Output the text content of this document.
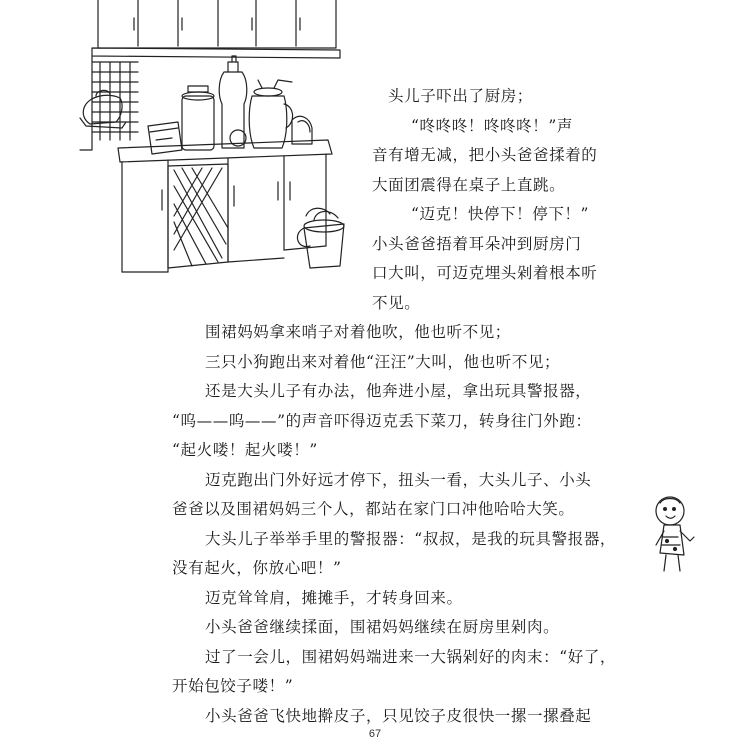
67
头儿子吓出了厨房；
“咚咚咚！咚咚咚！”声
音有增无减，把小头爸爸揉着的
大面团震得在桌子上直跳。
“迈克！快停下！停下！”
小头爸爸捂着耳朵冲到厨房门
口大叫，可迈克埋头剁着根本听
不见。
围裙妈妈拿来哨子对着他吹，他也听不见；
三只小狗跑出来对着他“汪汪”大叫，他也听不见；
还是大头儿子有办法，他奔进小屋，拿出玩具警报器，
“呜——呜——”的声音吓得迈克丢下菜刀，转身往门外跑：
“起火喽！起火喽！”
迈克跑出门外好远才停下，扭头一看，大头儿子、小头
爸爸以及围裙妈妈三个人，都站在家门口冲他哈哈大笑。
大头儿子举举手里的警报器：“叔叔，是我的玩具警报器，
没有起火，你放心吧！”
迈克耸耸肩，摊摊手，才转身回来。
小头爸爸继续揉面，围裙妈妈继续在厨房里剁肉。
过了一会儿，围裙妈妈端进来一大锅剁好的肉末：“好了，
开始包饺子喽！”
小头爸爸飞快地擀皮子，只见饺子皮很快一摞一摞叠起
